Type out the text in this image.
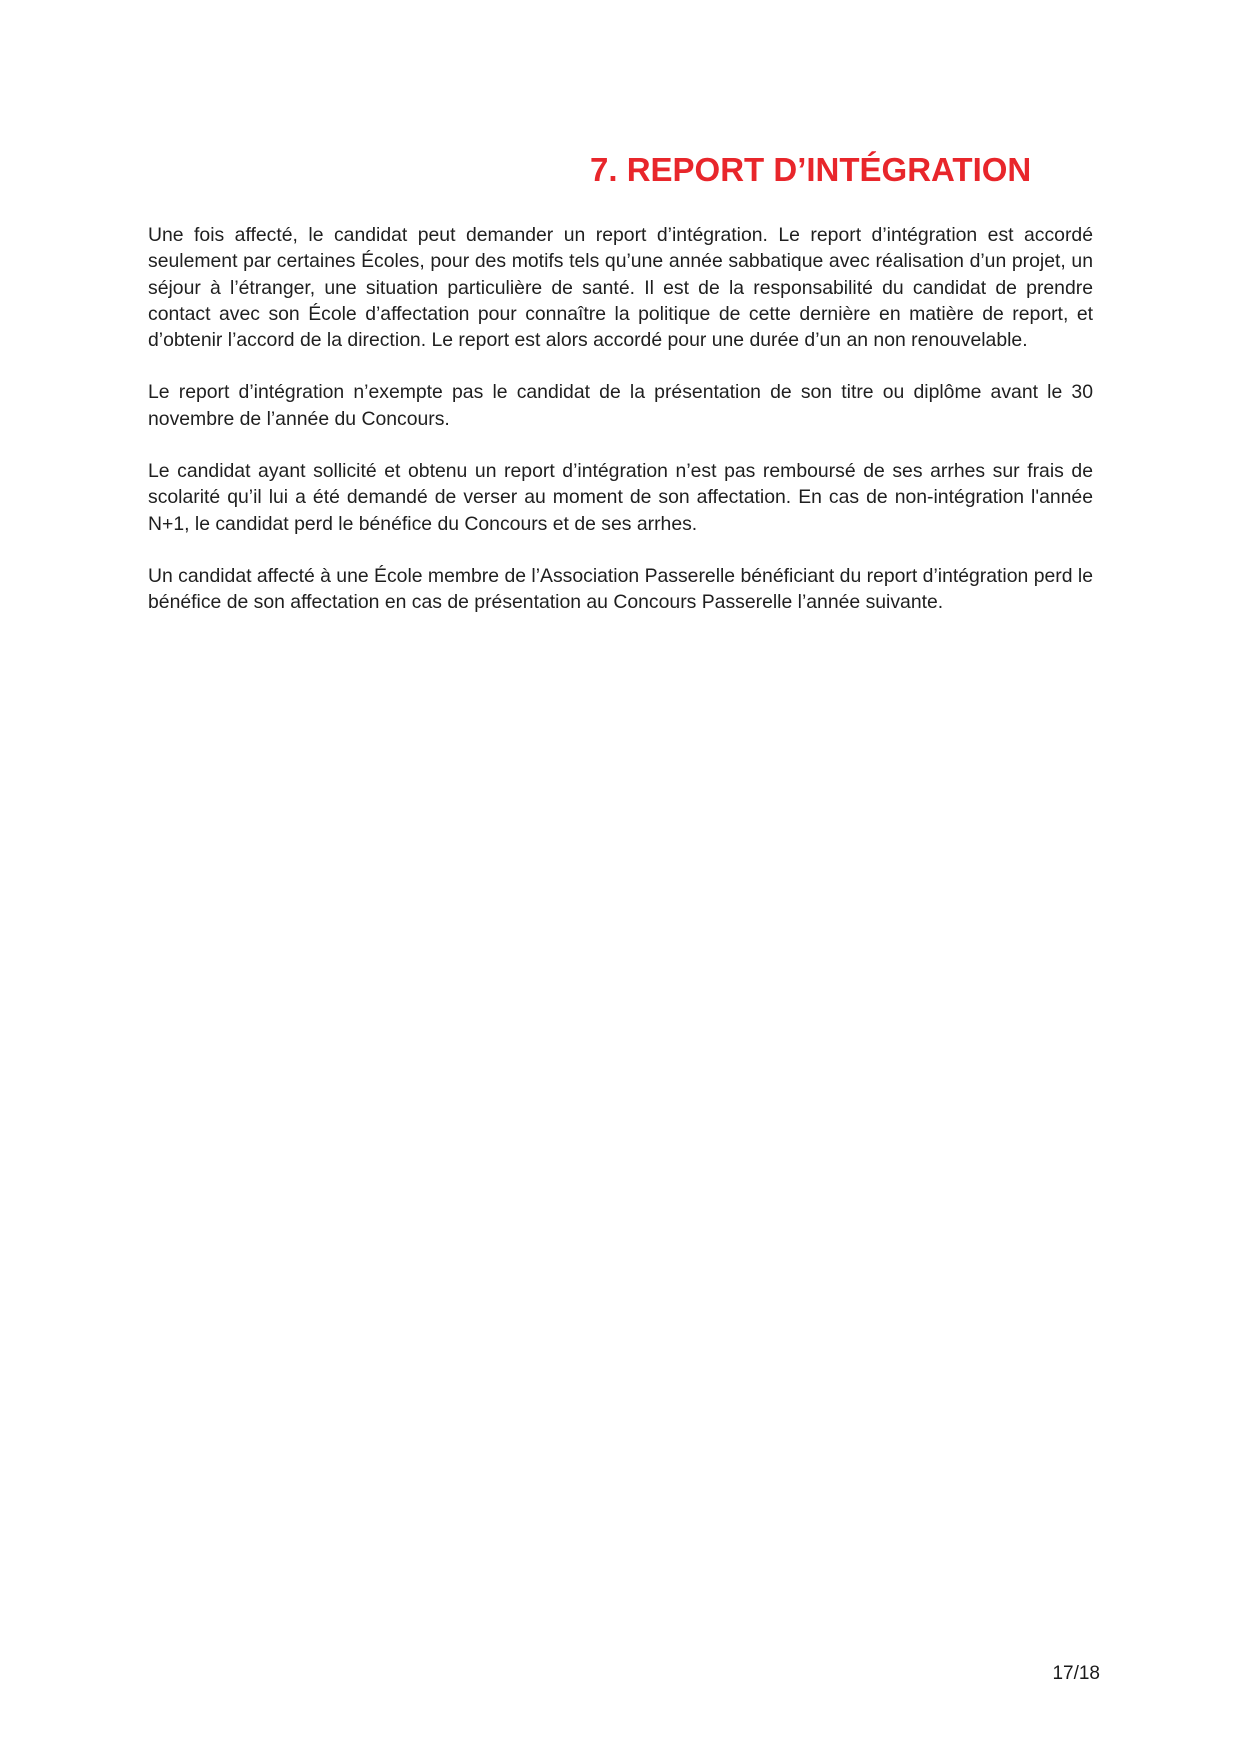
7. REPORT D’INTÉGRATION

Une fois affecté, le candidat peut demander un report d’intégration. Le report d’intégration est accordé seulement par certaines Écoles, pour des motifs tels qu’une année sabbatique avec réalisation d’un projet, un séjour à l’étranger, une situation particulière de santé. Il est de la responsabilité du candidat de prendre contact avec son École d’affectation pour connaître la politique de cette dernière en matière de report, et d’obtenir l’accord de la direction. Le report est alors accordé pour une durée d’un an non renouvelable.

Le report d’intégration n’exempte pas le candidat de la présentation de son titre ou diplôme avant le 30 novembre de l’année du Concours.

Le candidat ayant sollicité et obtenu un report d’intégration n’est pas remboursé de ses arrhes sur frais de scolarité qu’il lui a été demandé de verser au moment de son affectation. En cas de non-intégration l'année N+1, le candidat perd le bénéfice du Concours et de ses arrhes.

Un candidat affecté à une École membre de l’Association Passerelle bénéficiant du report d’intégration perd le bénéfice de son affectation en cas de présentation au Concours Passerelle l’année suivante.

17/18
